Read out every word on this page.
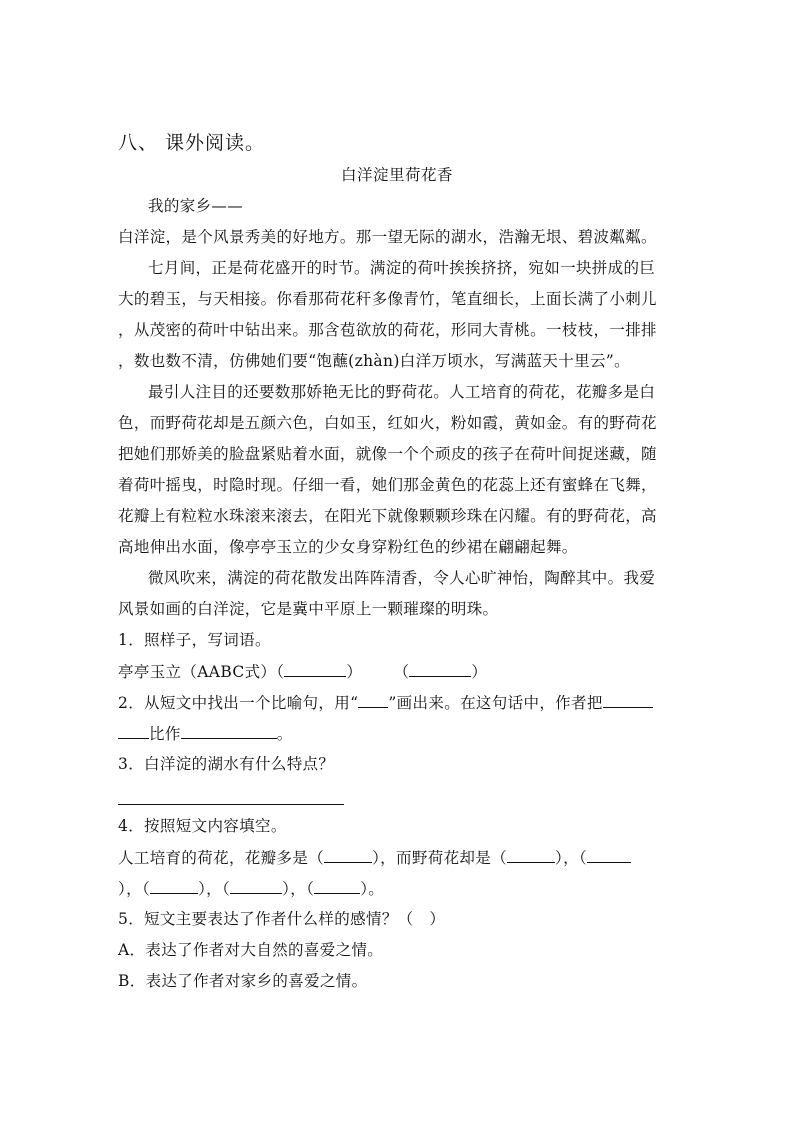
八、 课外阅读。
白洋淀里荷花香
我的家乡——
白洋淀，是个风景秀美的好地方。那一望无际的湖水，浩瀚无垠、碧波粼粼。
七月间，正是荷花盛开的时节。满淀的荷叶挨挨挤挤，宛如一块拼成的巨
大的碧玉，与天相接。你看那荷花秆多像青竹，笔直细长，上面长满了小刺儿
，从茂密的荷叶中钻出来。那含苞欲放的荷花，形同大青桃。一枝枝，一排排
，数也数不清，仿佛她们要“饱蘸(zhàn)白洋万顷水，写满蓝天十里云”。
最引人注目的还要数那娇艳无比的野荷花。人工培育的荷花，花瓣多是白
色，而野荷花却是五颜六色，白如玉，红如火，粉如霞，黄如金。有的野荷花
把她们那娇美的脸盘紧贴着水面，就像一个个顽皮的孩子在荷叶间捉迷藏，随
着荷叶摇曳，时隐时现。仔细一看，她们那金黄色的花蕊上还有蜜蜂在飞舞，
花瓣上有粒粒水珠滚来滚去，在阳光下就像颗颗珍珠在闪耀。有的野荷花，高
高地伸出水面，像亭亭玉立的少女身穿粉红色的纱裙在翩翩起舞。
微风吹来，满淀的荷花散发出阵阵清香，令人心旷神怡，陶醉其中。我爱
风景如画的白洋淀，它是冀中平原上一颗璀璨的明珠。
1．照样子，写词语。
亭亭玉立（AABC式）（	） （	）
2．从短文中找出一个比喻句，用“ ”画出来。在这句话中，作者把
比作	。
3．白洋淀的湖水有什么特点？
4．按照短文内容填空。
人工培育的荷花，花瓣多是（	），而野荷花却是（	），（
），（	），（	），（	）。
5．短文主要表达了作者什么样的感情？（　）
A．表达了作者对大自然的喜爱之情。
B．表达了作者对家乡的喜爱之情。
